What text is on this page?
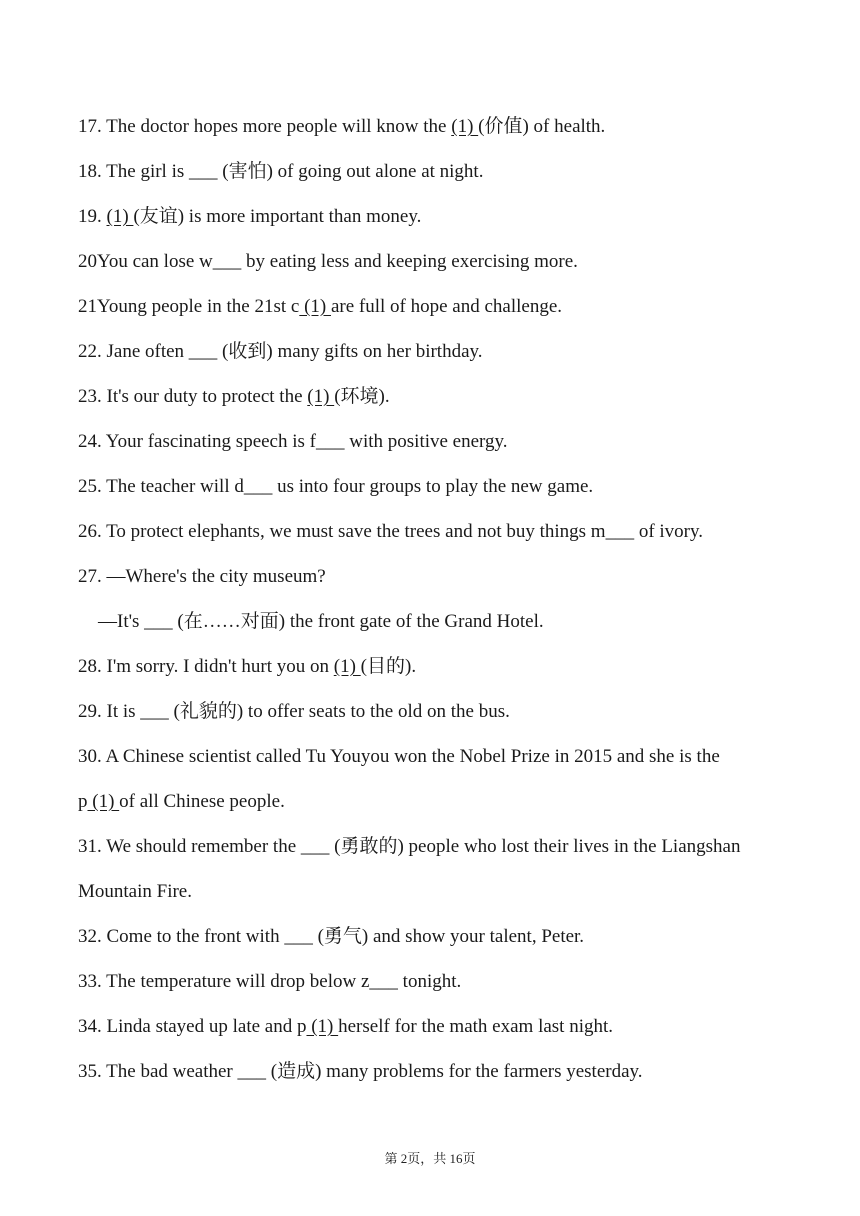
17. The doctor hopes more people will know the (1) (价值) of health.
18. The girl is ___ (害怕) of going out alone at night.
19. (1) (友谊) is more important than money.
20You can lose w___ by eating less and keeping exercising more.
21Young people in the 21st c (1) are full of hope and challenge.
22. Jane often ___ (收到) many gifts on her birthday.
23. It's our duty to protect the (1) (环境).
24. Your fascinating speech is f___ with positive energy.
25. The teacher will d___ us into four groups to play the new game.
26. To protect elephants, we must save the trees and not buy things m___ of ivory.
27. —Where's the city museum?
—It's ___ (在……对面) the front gate of the Grand Hotel.
28. I'm sorry. I didn't hurt you on (1) (目的).
29. It is ___ (礼貌的) to offer seats to the old on the bus.
30. A Chinese scientist called Tu Youyou won the Nobel Prize in 2015 and she is the
p (1) of all Chinese people.
31. We should remember the ___ (勇敢的) people who lost their lives in the Liangshan
Mountain Fire.
32. Come to the front with ___ (勇气) and show your talent, Peter.
33. The temperature will drop below z___ tonight.
34. Linda stayed up late and p (1) herself for the math exam last night.
35. The bad weather ___ (造成) many problems for the farmers yesterday.
第 2页，共 16页
